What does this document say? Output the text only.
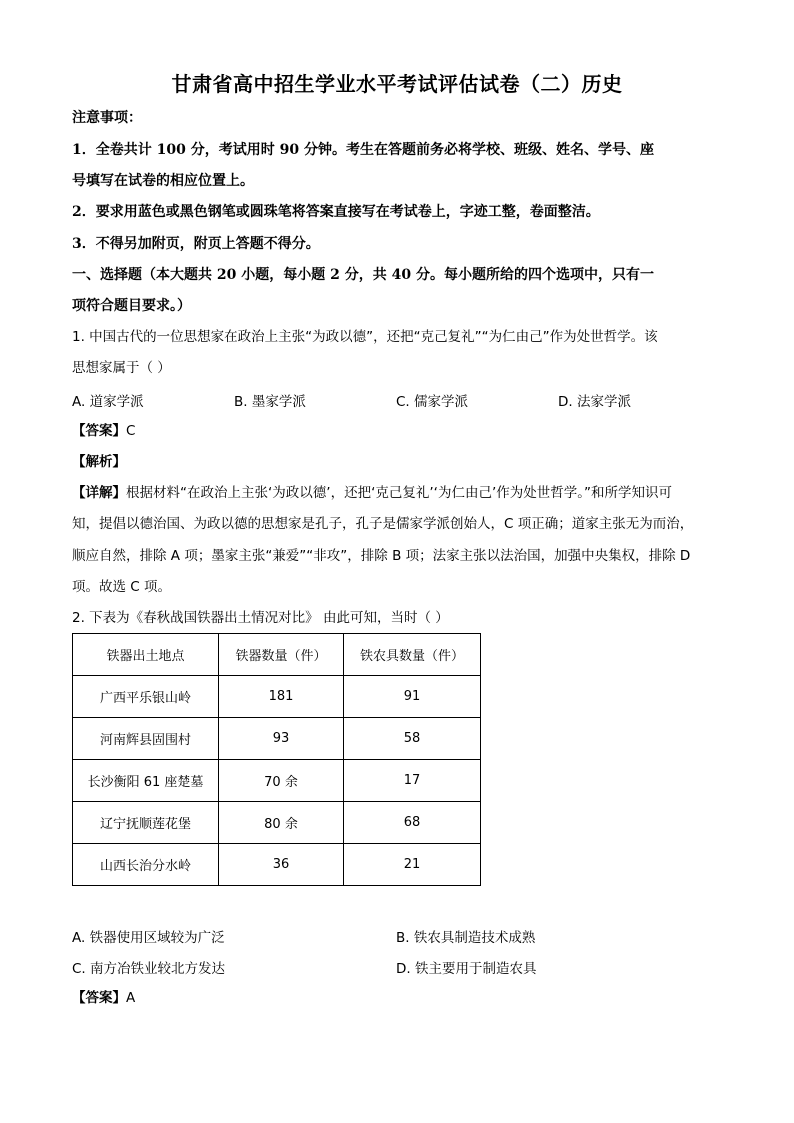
甘肃省高中招生学业水平考试评估试卷（二）历史
注意事项：
1．全卷共计 100 分，考试用时 90 分钟。考生在答题前务必将学校、班级、姓名、学号、座
号填写在试卷的相应位置上。
2．要求用蓝色或黑色钢笔或圆珠笔将答案直接写在考试卷上，字迹工整，卷面整洁。
3．不得另加附页，附页上答题不得分。
一、选择题（本大题共 20 小题，每小题 2 分，共 40 分。每小题所给的四个选项中，只有一
项符合题目要求。）
1. 中国古代的一位思想家在政治上主张“为政以德”，还把“克己复礼”“为仁由己”作为处世哲学。该
思想家属于（ ）
A. 道家学派	B. 墨家学派	C. 儒家学派	D. 法家学派
【答案】C
【解析】
【详解】根据材料“在政治上主张‘为政以德’，还把‘克己复礼’‘为仁由己’作为处世哲学。”和所学知识可
知，提倡以德治国、为政以德的思想家是孔子，孔子是儒家学派创始人，C 项正确；道家主张无为而治，
顺应自然，排除 A 项；墨家主张“兼爱”“非攻”，排除 B 项；法家主张以法治国，加强中央集权，排除 D
项。故选 C 项。
2. 下表为《春秋战国铁器出土情况对比》 由此可知，当时（ ）
铁器出土地点	铁器数量（件）	铁农具数量（件）
广西平乐银山岭	181	91
河南辉县固围村	93	58
长沙衡阳 61 座楚墓	70 余	17
辽宁抚顺莲花堡	80 余	68
山西长治分水岭	36	21
A. 铁器使用区域较为广泛	B. 铁农具制造技术成熟
C. 南方冶铁业较北方发达	D. 铁主要用于制造农具
【答案】A
